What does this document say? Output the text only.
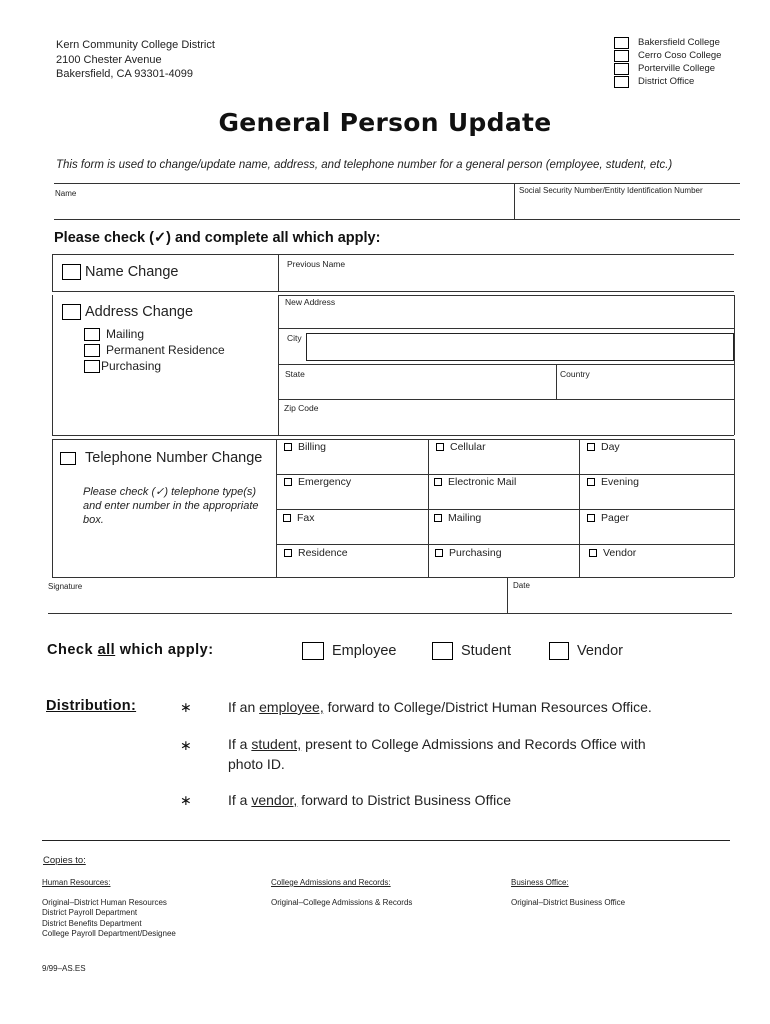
Kern Community College District
2100 Chester Avenue
Bakersfield, CA 93301-4099
Bakersfield College
Cerro Coso College
Porterville College
District Office
General Person Update
This form is used to change/update name, address, and telephone number for a general person (employee, student, etc.)
Name	Social Security Number/Entity Identification Number
Please check (✓) and complete all which apply:
Name Change	Previous Name
Address Change
Mailing
Permanent Residence
Purchasing
New Address
City
State	Country
Zip Code
Telephone Number Change
Please check (✓) telephone type(s) and enter number in the appropriate box.
Billing	Cellular	Day
Emergency	Electronic Mail	Evening
Fax	Mailing	Pager
Residence	Purchasing	Vendor
Signature	Date
Check all which apply:	Employee	Student	Vendor
Distribution:	∗	If an employee, forward to College/District Human Resources Office.
∗	If a student, present to College Admissions and Records Office with
photo ID.
∗	If a vendor, forward to District Business Office
Copies to:
Human Resources:
Original–District Human Resources
District Payroll Department
District Benefits Department
College Payroll Department/Designee
College Admissions and Records:
Original–College Admissions & Records
Business Office:
Original–District Business Office
9/99–AS.ES
